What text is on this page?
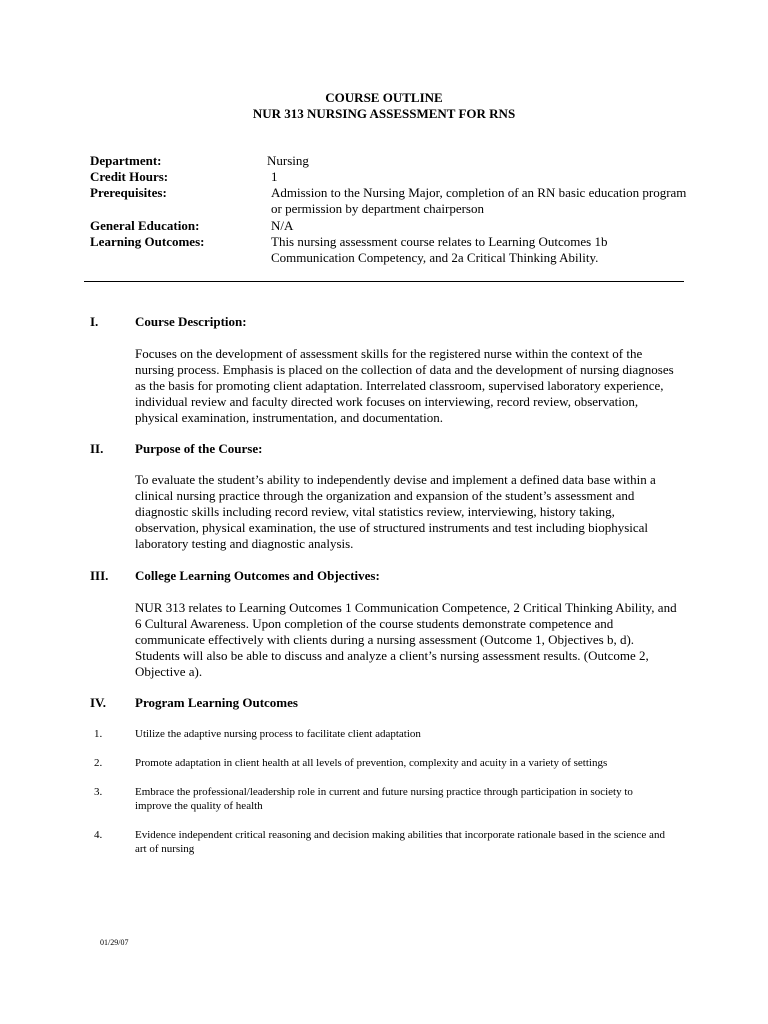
COURSE OUTLINE
NUR 313 NURSING ASSESSMENT FOR RNS
Department:	Nursing
Credit Hours:	1
Prerequisites:	Admission to the Nursing Major, completion of an RN basic education program or permission by department chairperson
General Education:	N/A
Learning Outcomes:	This nursing assessment course relates to Learning Outcomes 1b Communication Competency, and 2a Critical Thinking Ability.
I.	Course Description:
Focuses on the development of assessment skills for the registered nurse within the context of the nursing process. Emphasis is placed on the collection of data and the development of nursing diagnoses as the basis for promoting client adaptation. Interrelated classroom, supervised laboratory experience, individual review and faculty directed work focuses on interviewing, record review, observation, physical examination, instrumentation, and documentation.
II. Purpose of the Course:
To evaluate the student’s ability to independently devise and implement a defined data base within a clinical nursing practice through the organization and expansion of the student’s assessment and diagnostic skills including record review, vital statistics review, interviewing, history taking, observation, physical examination, the use of structured instruments and test including biophysical laboratory testing and diagnostic analysis.
III. College Learning Outcomes and Objectives:
NUR 313 relates to Learning Outcomes 1 Communication Competence, 2 Critical Thinking Ability, and 6 Cultural Awareness. Upon completion of the course students demonstrate competence and communicate effectively with clients during a nursing assessment (Outcome 1, Objectives b, d). Students will also be able to discuss and analyze a client’s nursing assessment results. (Outcome 2, Objective a).
IV. Program Learning Outcomes
1.	Utilize the adaptive nursing process to facilitate client adaptation
2.	Promote adaptation in client health at all levels of prevention, complexity and acuity in a variety of settings
3.	Embrace the professional/leadership role in current and future nursing practice through participation in society to improve the quality of health
4.	Evidence independent critical reasoning and decision making abilities that incorporate rationale based in the science and art of nursing
01/29/07
